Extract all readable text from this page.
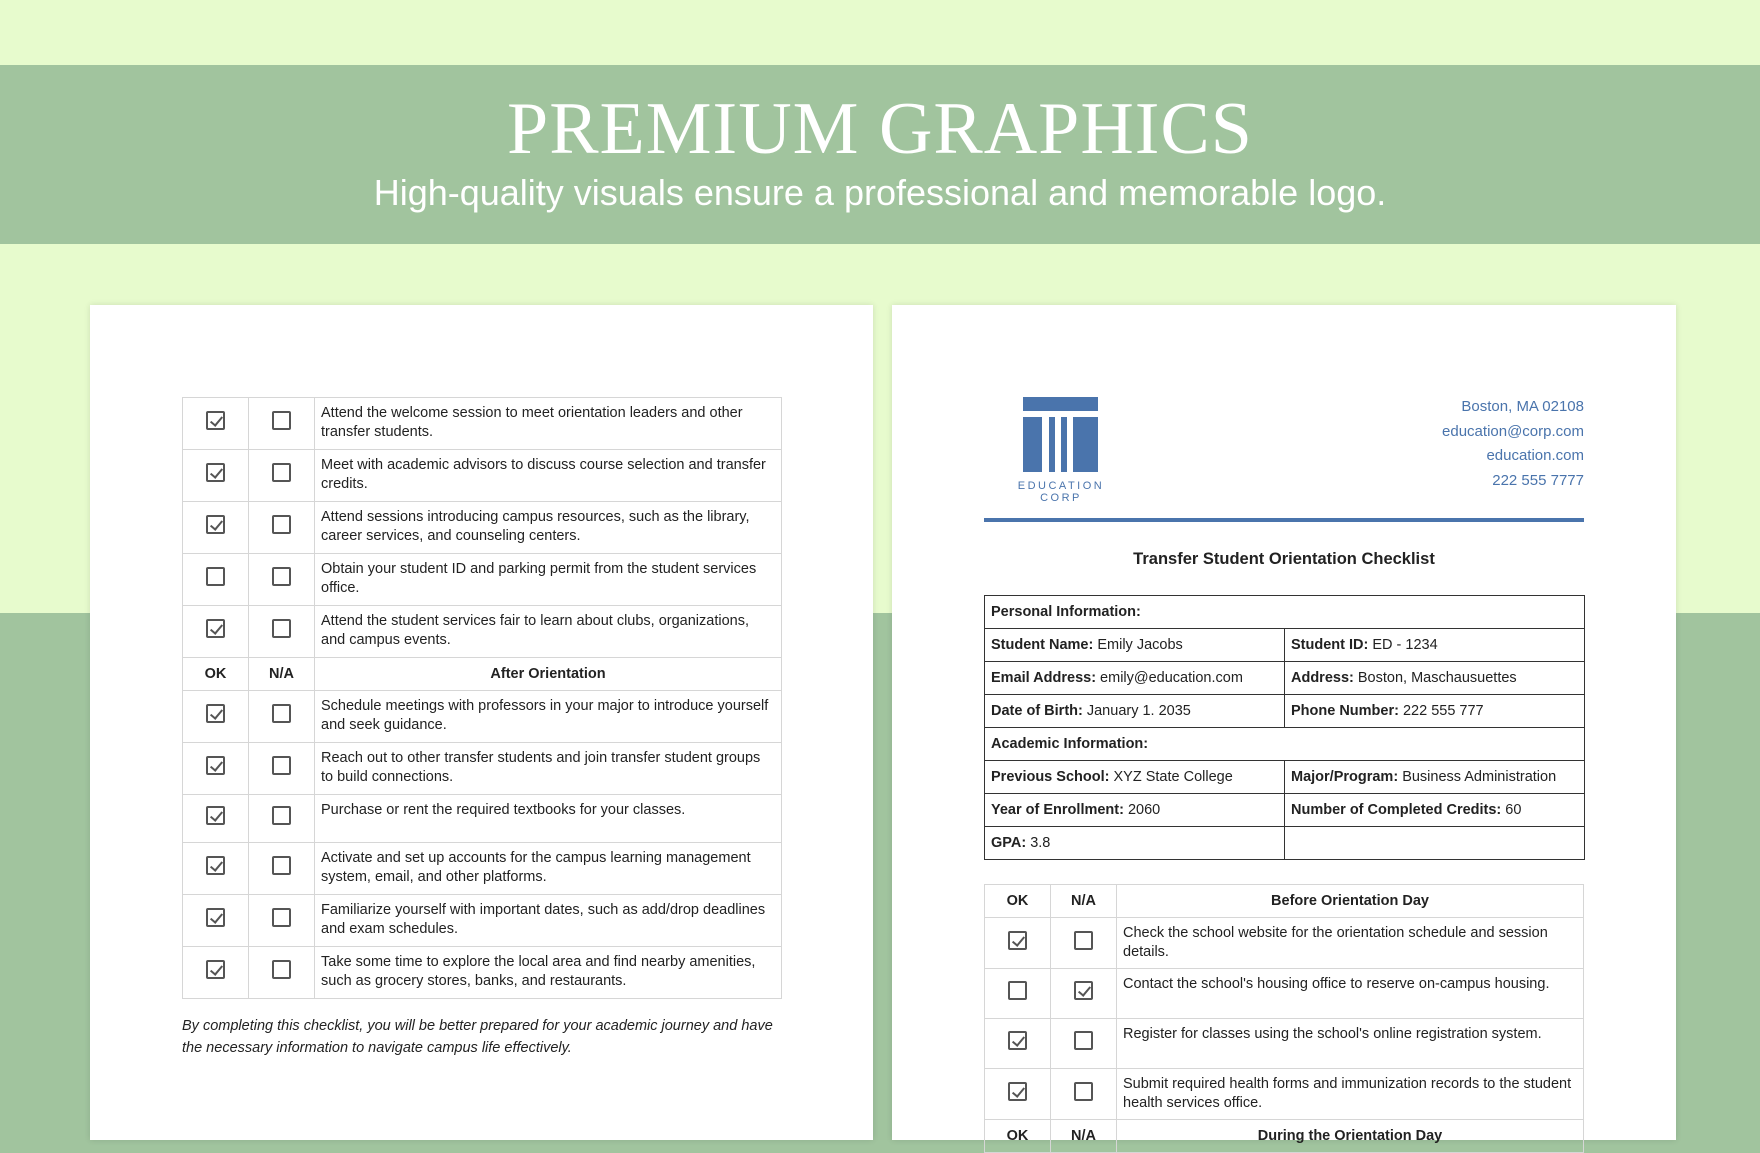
PREMIUM GRAPHICS

High-quality visuals ensure a professional and memorable logo.

		Attend the welcome session to meet orientation leaders and other transfer students.
		Meet with academic advisors to discuss course selection and transfer credits.
		Attend sessions introducing campus resources, such as the library, career services, and counseling centers.
		Obtain your student ID and parking permit from the student services office.
		Attend the student services fair to learn about clubs, organizations, and campus events.
OK	N/A	After Orientation
		Schedule meetings with professors in your major to introduce yourself and seek guidance.
		Reach out to other transfer students and join transfer student groups to build connections.
		Purchase or rent the required textbooks for your classes.
		Activate and set up accounts for the campus learning management system, email, and other platforms.
		Familiarize yourself with important dates, such as add/drop deadlines and exam schedules.
		Take some time to explore the local area and find nearby amenities, such as grocery stores, banks, and restaurants.
By completing this checklist, you will be better prepared for your academic journey and have the necessary information to navigate campus life effectively.
EDUCATION CORP
Boston, MA 02108
education@corp.com
education.com
222 555 7777
Transfer Student Orientation Checklist
Personal Information:	
Student Name: Emily Jacobs	Student ID: ED - 1234
Email Address: emily@education.com	Address: Boston, Maschausuettes
Date of Birth: January 1. 2035	Phone Number: 222 555 777
Academic Information:	
Previous School: XYZ State College	Major/Program: Business Administration
Year of Enrollment: 2060	Number of Completed Credits: 60
GPA: 3.8	
OK	N/A	Before Orientation Day
		Check the school website for the orientation schedule and session details.
		Contact the school's housing office to reserve on-campus housing.
		Register for classes using the school's online registration system.
		Submit required health forms and immunization records to the student health services office.
OK	N/A	During the Orientation Day
